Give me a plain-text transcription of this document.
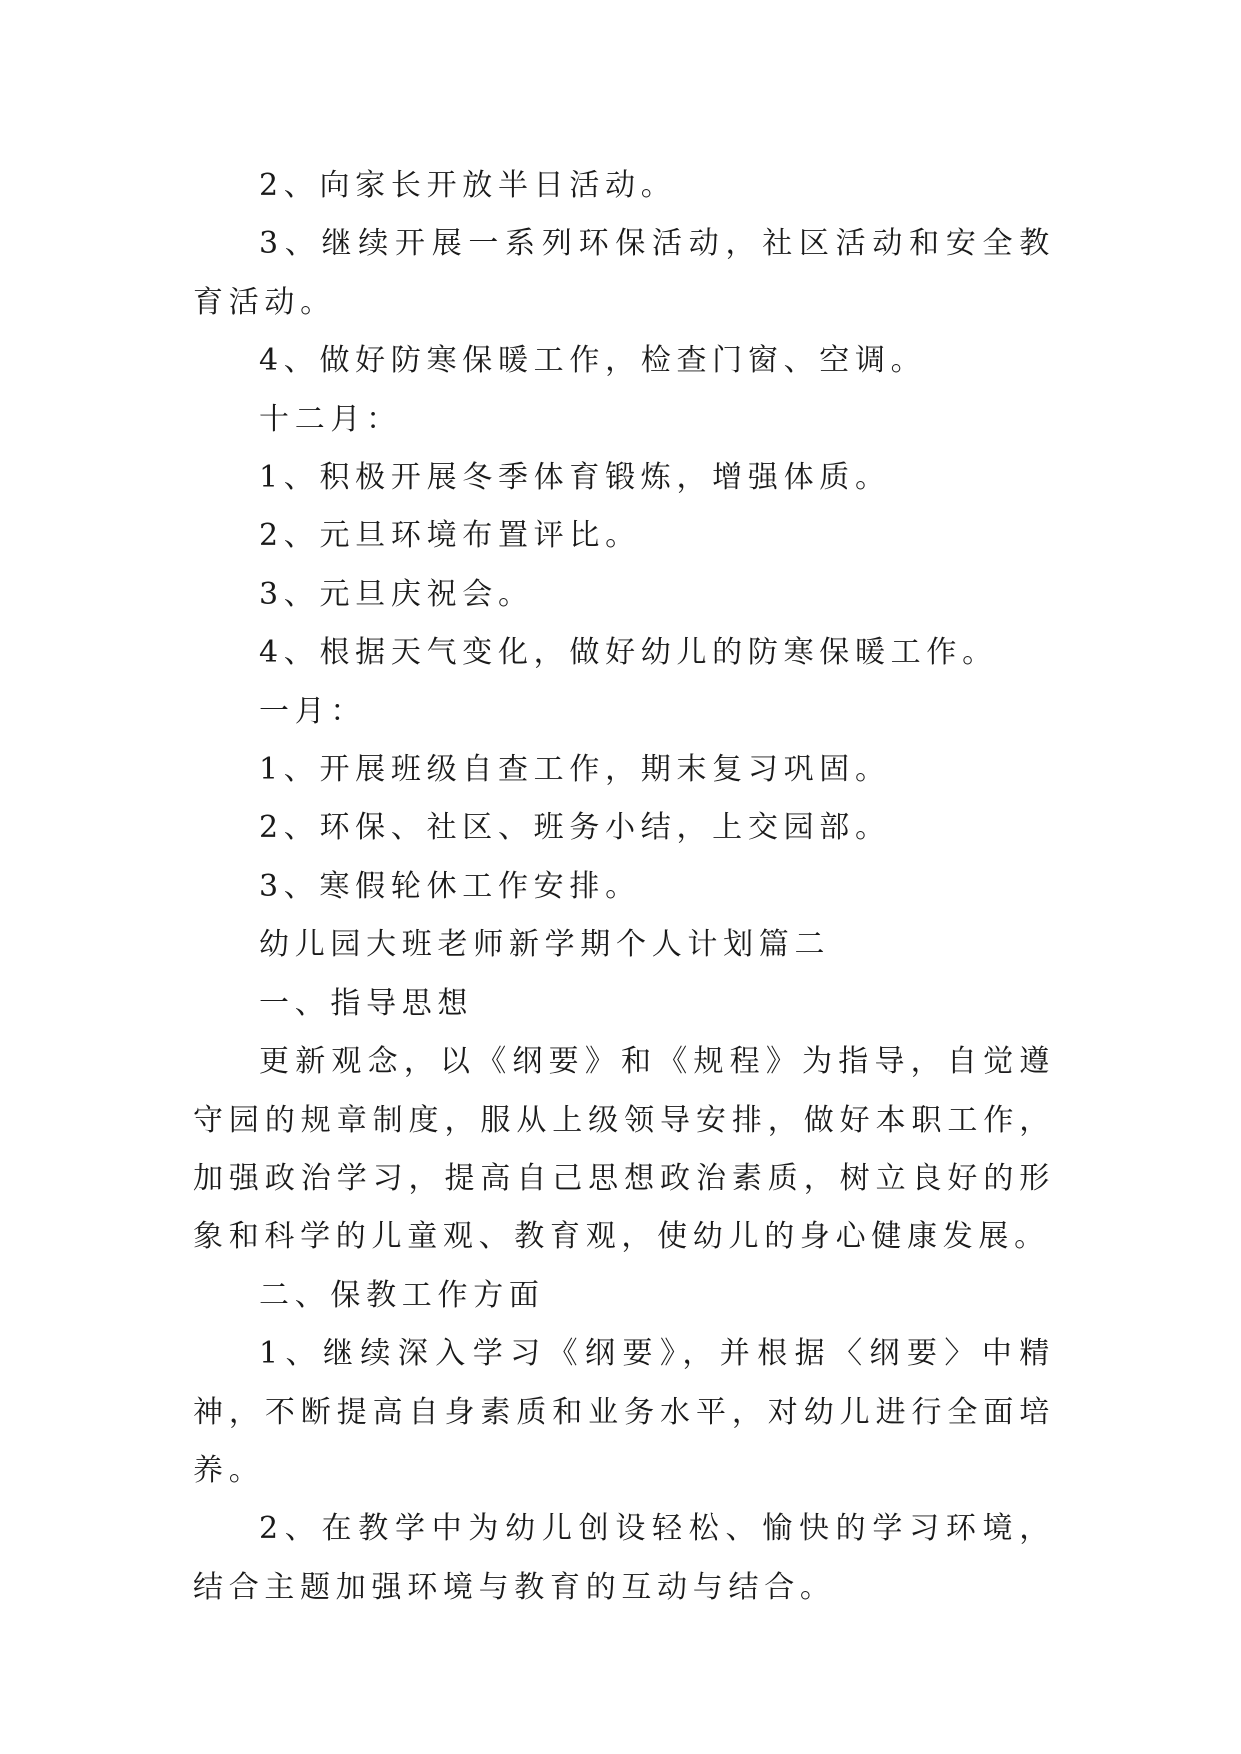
2、向家长开放半日活动。

3、继续开展一系列环保活动，社区活动和安全教育活动。

4、做好防寒保暖工作，检查门窗、空调。

十二月：

1、积极开展冬季体育锻炼，增强体质。

2、元旦环境布置评比。

3、元旦庆祝会。

4、根据天气变化，做好幼儿的防寒保暖工作。

一月：

1、开展班级自查工作，期末复习巩固。

2、环保、社区、班务小结，上交园部。

3、寒假轮休工作安排。

幼儿园大班老师新学期个人计划篇二

一、指导思想

更新观念，以《纲要》和《规程》为指导，自觉遵守园的规章制度，服从上级领导安排，做好本职工作，加强政治学习，提高自己思想政治素质，树立良好的形象和科学的儿童观、教育观，使幼儿的身心健康发展。

二、保教工作方面

1、继续深入学习《纲要》，并根据〈纲要〉中精神，不断提高自身素质和业务水平，对幼儿进行全面培养。

2、在教学中为幼儿创设轻松、愉快的学习环境，结合主题加强环境与教育的互动与结合。
